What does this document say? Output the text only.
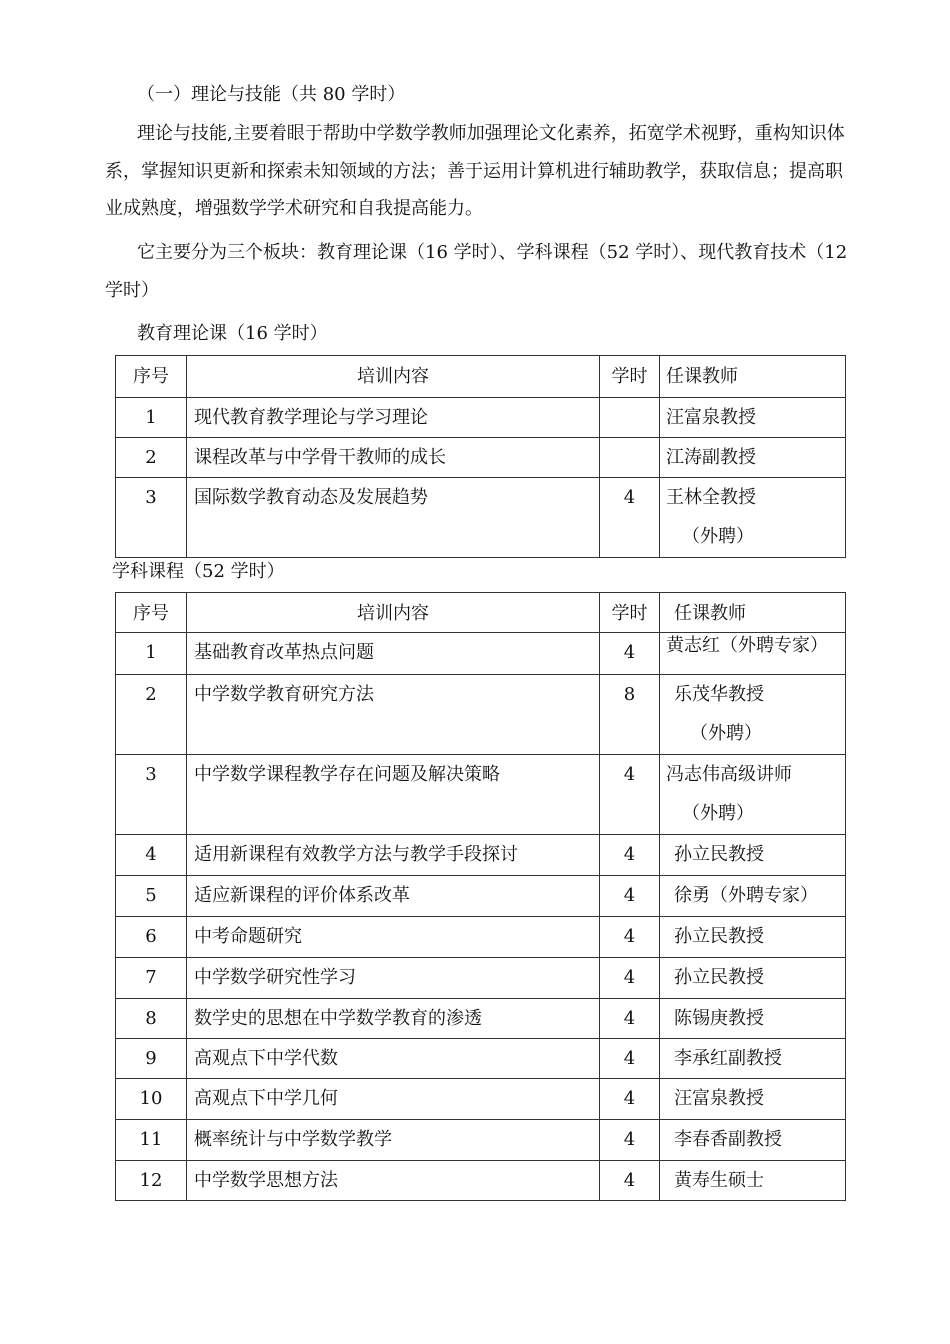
（一）理论与技能（共 80 学时）
理论与技能,主要着眼于帮助中学数学教师加强理论文化素养，拓宽学术视野，重构知识体系，掌握知识更新和探索未知领域的方法；善于运用计算机进行辅助教学，获取信息；提高职业成熟度，增强数学学术研究和自我提高能力。
它主要分为三个板块：教育理论课（16 学时）、学科课程（52 学时）、现代教育技术（12 学时）
教育理论课（16 学时）
序号	培训内容	学时	任课教师

1	现代教育教学理论与学习理论		汪富泉教授

2	课程改革与中学骨干教师的成长		江涛副教授

3	国际数学教育动态及发展趋势	4	王林全教授
（外聘）
学科课程（52 学时）
序号	培训内容	学时	任课教师

1	基础教育改革热点问题	4	黄志红（外聘专家）

2	中学数学教育研究方法	8	乐茂华教授
（外聘）

3	中学数学课程教学存在问题及解决策略	4	冯志伟高级讲师
（外聘）

4	适用新课程有效教学方法与教学手段探讨	4	孙立民教授

5	适应新课程的评价体系改革	4	徐勇（外聘专家）

6	中考命题研究	4	孙立民教授

7	中学数学研究性学习	4	孙立民教授

8	数学史的思想在中学数学教育的渗透	4	陈锡庚教授

9	高观点下中学代数	4	李承红副教授

10	高观点下中学几何	4	汪富泉教授

11	概率统计与中学数学教学	4	李春香副教授

12	中学数学思想方法	4	黄寿生硕士
